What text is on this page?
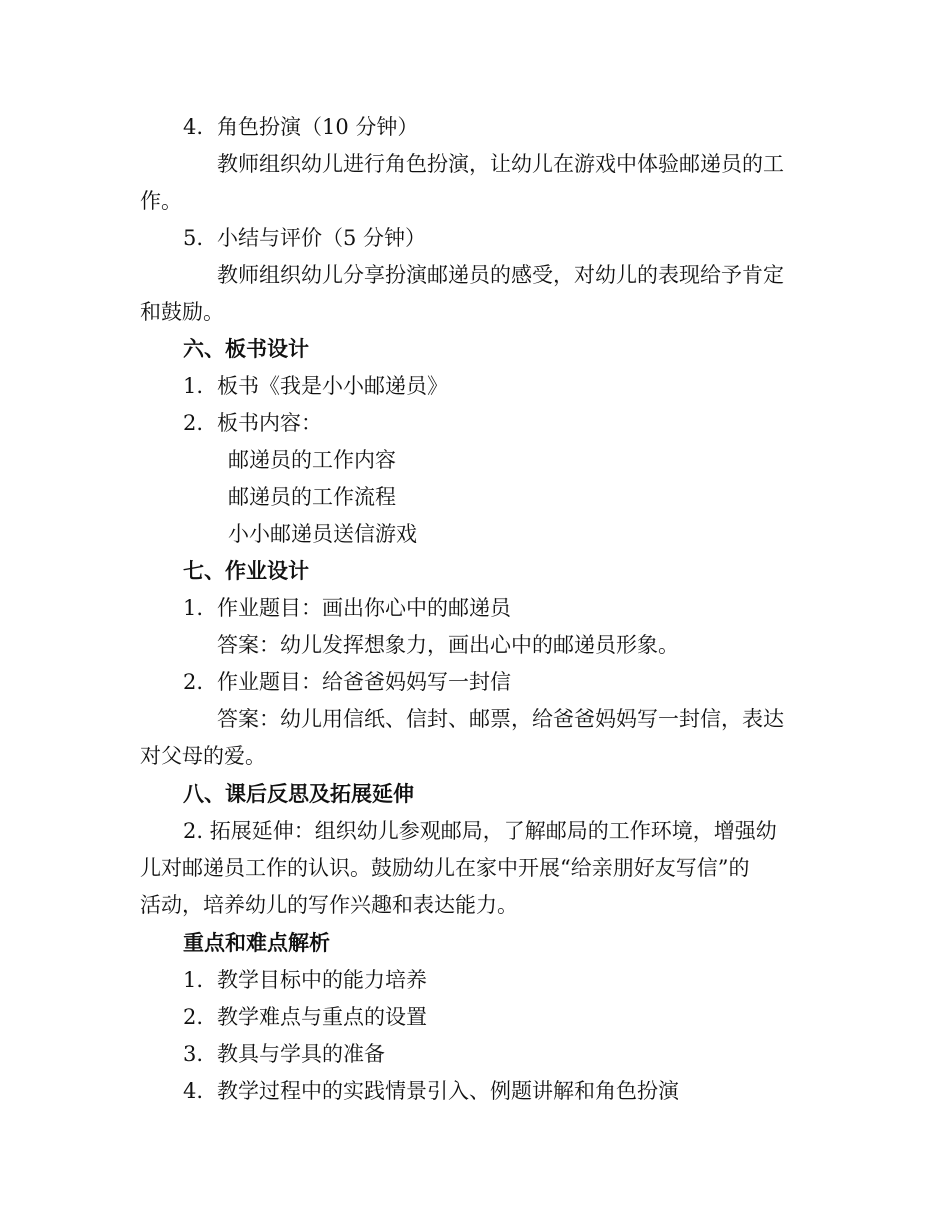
4. 角色扮演（10 分钟）
教师组织幼儿进行角色扮演，让幼儿在游戏中体验邮递员的工
作。
5. 小结与评价（5 分钟）
教师组织幼儿分享扮演邮递员的感受，对幼儿的表现给予肯定
和鼓励。
六、板书设计
1. 板书《我是小小邮递员》
2. 板书内容：
邮递员的工作内容
邮递员的工作流程
小小邮递员送信游戏
七、作业设计
1. 作业题目：画出你心中的邮递员
答案：幼儿发挥想象力，画出心中的邮递员形象。
2. 作业题目：给爸爸妈妈写一封信
答案：幼儿用信纸、信封、邮票，给爸爸妈妈写一封信，表达
对父母的爱。
八、课后反思及拓展延伸
2. 拓展延伸：组织幼儿参观邮局，了解邮局的工作环境，增强幼
儿对邮递员工作的认识。鼓励幼儿在家中开展“给亲朋好友写信”的
活动，培养幼儿的写作兴趣和表达能力。
重点和难点解析
1. 教学目标中的能力培养
2. 教学难点与重点的设置
3. 教具与学具的准备
4. 教学过程中的实践情景引入、例题讲解和角色扮演
